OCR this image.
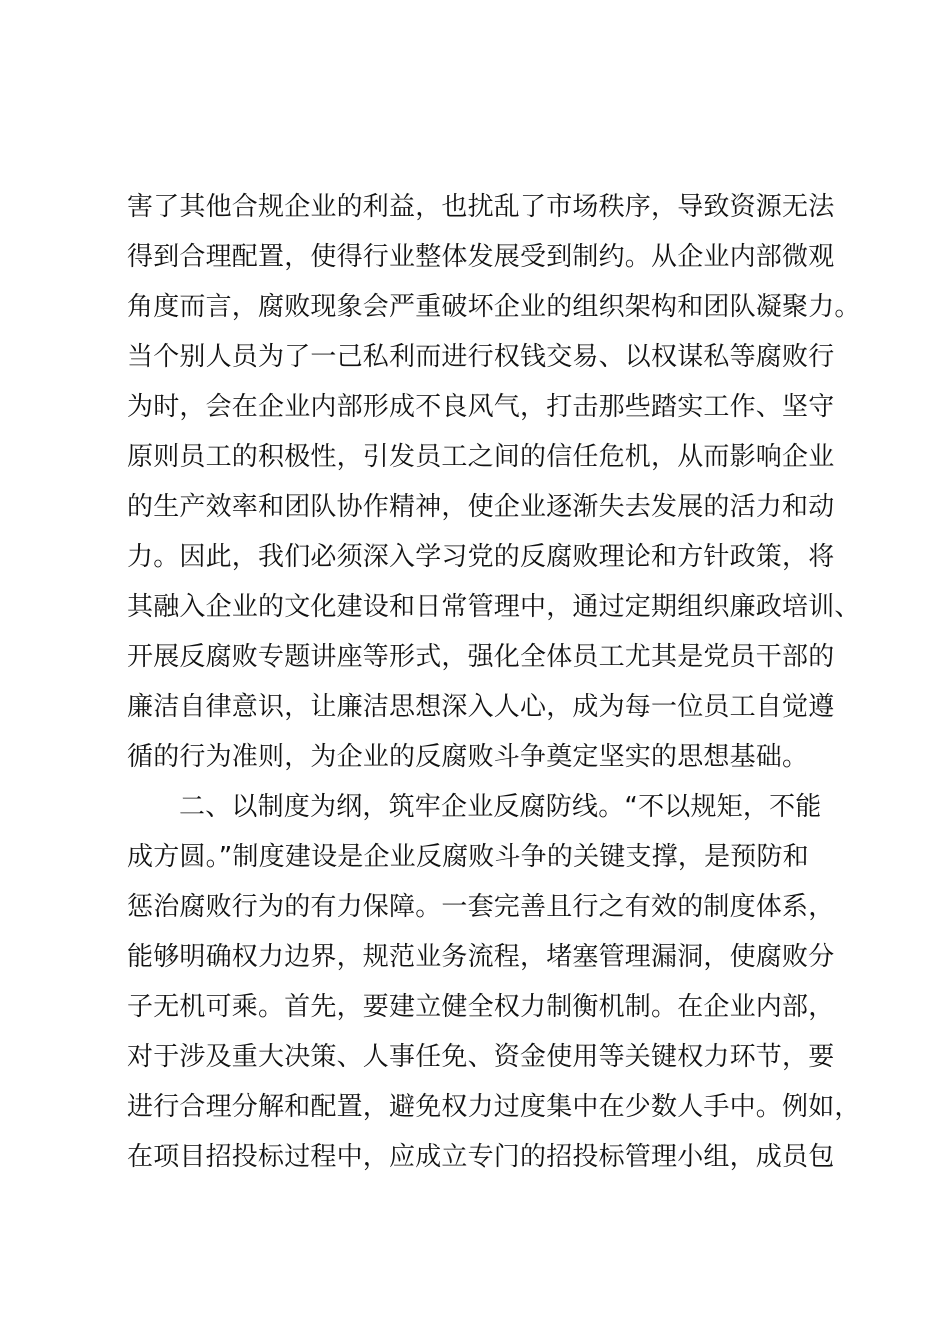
害了其他合规企业的利益，也扰乱了市场秩序，导致资源无法
得到合理配置，使得行业整体发展受到制约。从企业内部微观
角度而言，腐败现象会严重破坏企业的组织架构和团队凝聚力。
当个别人员为了一己私利而进行权钱交易、以权谋私等腐败行
为时，会在企业内部形成不良风气，打击那些踏实工作、坚守
原则员工的积极性，引发员工之间的信任危机，从而影响企业
的生产效率和团队协作精神，使企业逐渐失去发展的活力和动
力。因此，我们必须深入学习党的反腐败理论和方针政策，将
其融入企业的文化建设和日常管理中，通过定期组织廉政培训、
开展反腐败专题讲座等形式，强化全体员工尤其是党员干部的
廉洁自律意识，让廉洁思想深入人心，成为每一位员工自觉遵
循的行为准则，为企业的反腐败斗争奠定坚实的思想基础。
二、以制度为纲，筑牢企业反腐防线。“不以规矩，不能
成方圆。”制度建设是企业反腐败斗争的关键支撑，是预防和
惩治腐败行为的有力保障。一套完善且行之有效的制度体系，
能够明确权力边界，规范业务流程，堵塞管理漏洞，使腐败分
子无机可乘。首先，要建立健全权力制衡机制。在企业内部，
对于涉及重大决策、人事任免、资金使用等关键权力环节，要
进行合理分解和配置，避免权力过度集中在少数人手中。例如，
在项目招投标过程中，应成立专门的招投标管理小组，成员包
